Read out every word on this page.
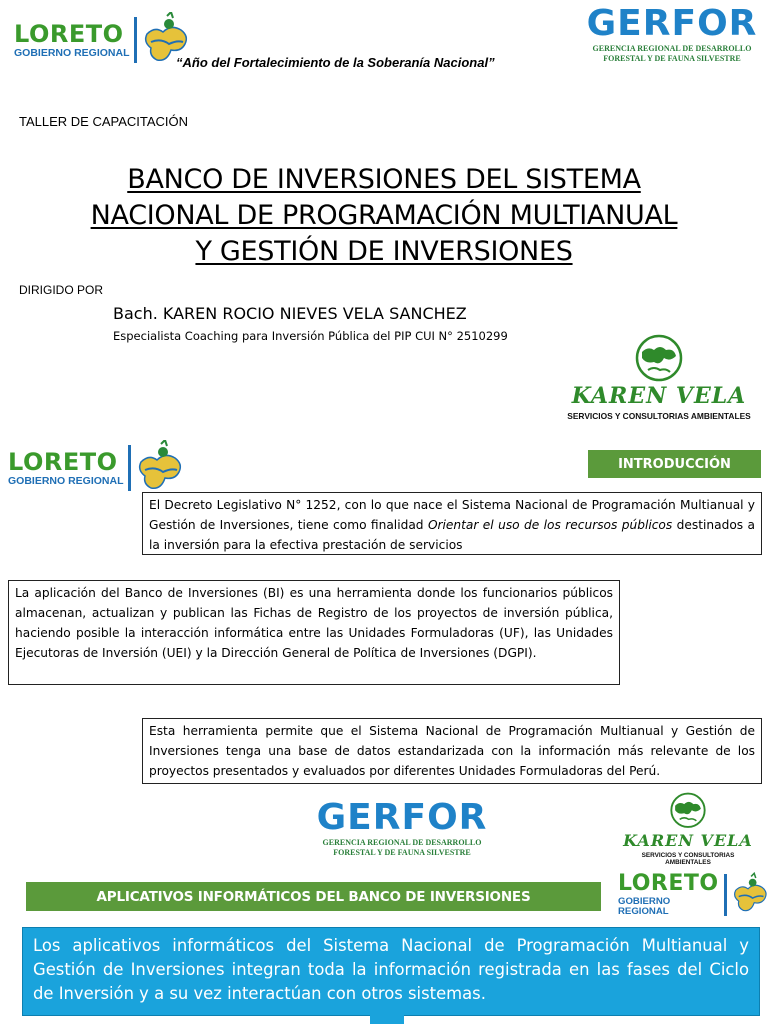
LORETO
GOBIERNO REGIONAL
GERFOR
GERENCIA REGIONAL DE DESARROLLO
FORESTAL Y DE FAUNA SILVESTRE
“Año del Fortalecimiento de la Soberanía Nacional”
TALLER DE CAPACITACIÓN
BANCO DE INVERSIONES DEL SISTEMA
NACIONAL DE PROGRAMACIÓN MULTIANUAL
Y GESTIÓN DE INVERSIONES
DIRIGIDO POR
Bach. KAREN ROCIO NIEVES VELA SANCHEZ
Especialista Coaching para Inversión Pública del PIP CUI N° 2510299
KAREN VELA
SERVICIOS Y CONSULTORIAS AMBIENTALES
LORETO
GOBIERNO REGIONAL
INTRODUCCIÓN
El Decreto Legislativo N° 1252, con lo que nace el Sistema Nacional de Programación Multianual y Gestión de Inversiones, tiene como finalidad Orientar el uso de los recursos públicos destinados a la inversión para la efectiva prestación de servicios
La aplicación del Banco de Inversiones (BI) es una herramienta donde los funcionarios públicos almacenan, actualizan y publican las Fichas de Registro de los proyectos de inversión pública, haciendo posible la interacción informática entre las Unidades Formuladoras (UF), las Unidades Ejecutoras de Inversión (UEI) y la Dirección General de Política de Inversiones (DGPI).
Esta herramienta permite que el Sistema Nacional de Programación Multianual y Gestión de Inversiones tenga una base de datos estandarizada con la información más relevante de los proyectos presentados y evaluados por diferentes Unidades Formuladoras del Perú.
GERFOR
GERENCIA REGIONAL DE DESARROLLO
FORESTAL Y DE FAUNA SILVESTRE
KAREN VELA
SERVICIOS Y CONSULTORIAS AMBIENTALES
APLICATIVOS INFORMÁTICOS DEL BANCO DE INVERSIONES
LORETO
GOBIERNO REGIONAL
Los aplicativos informáticos del Sistema Nacional de Programación Multianual y Gestión de Inversiones integran toda la información registrada en las fases del Ciclo de Inversión y a su vez interactúan con otros sistemas.
